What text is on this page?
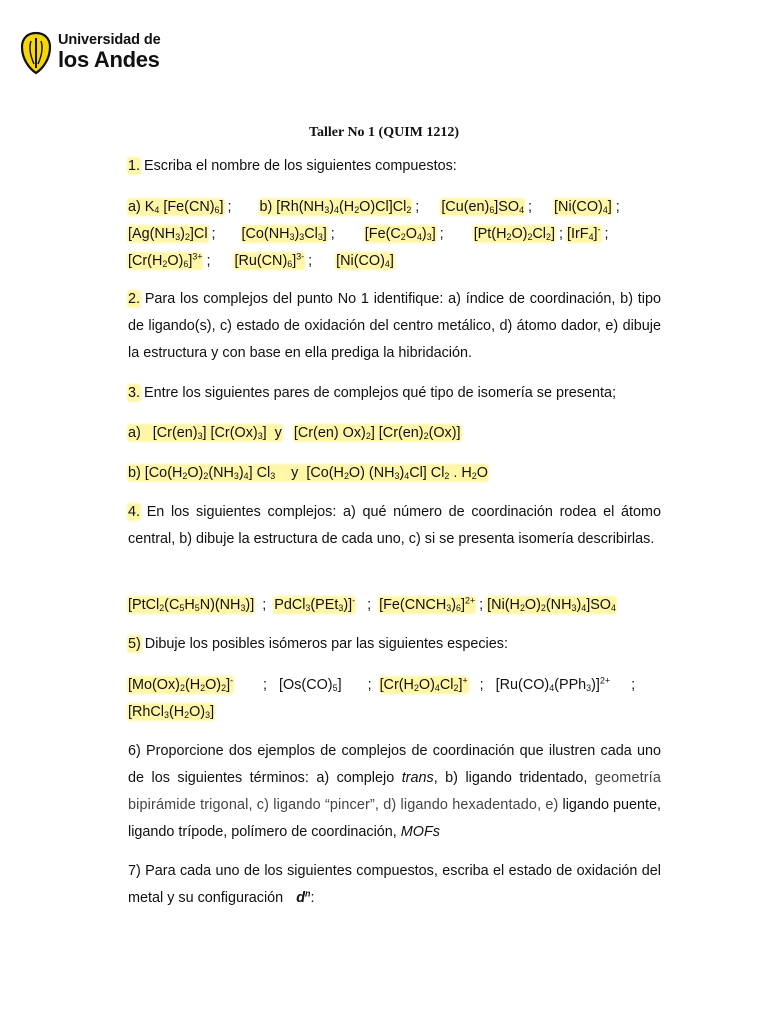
Universidad de
los Andes
Taller No 1 (QUIM 1212)
1. Escriba el nombre de los siguientes compuestos:
a) $K_4$ $[Fe(CN)_6]$ ; b) $[Rh(NH_3)_4(H_2O)Cl]Cl_2$ ; $[Cu(en)_6]SO_4$ ; $[Ni(CO)_4]$ ;
$[Ag(NH_3)_2]Cl$ ; $[Co(NH_3)_3Cl_3]$ ; $[Fe(C_2O_4)_3]$ ; $[Pt(H_2O)_2Cl_2]$ ; [IrF$_4$]- ;
$[Cr(H_2O)_6]^{3+}$ ; $[Ru(CN)_6]^{3-}$ ; $[Ni(CO)_4]$
2. Para los complejos del punto No 1 identifique: a) índice de coordinación, b) tipo de ligando(s), c) estado de oxidación del centro metálico, d) átomo dador, e) dibuje la estructura y con base en ella prediga la hibridación.
3. Entre los siguientes pares de complejos qué tipo de isomería se presenta;
a)   $[Cr(en)_3]$ $[Cr(Ox)_3]$  y [Cr(en) $Ox)_2$] $[Cr(en)_2(Ox)]$
b) $[Co(H_2O)_2(NH_3)_4]$ $Cl_3$    y  [$Co(H_2O)$ $(NH_3)_4Cl$] $Cl_2$ . $H_2O$
4. En los siguientes complejos: a) qué número de coordinación rodea el átomo central, b) dibuje la estructura de cada uno, c) si se presenta isomería describirlas.
$[PtCl_2(C_5H_5N)(NH_3)]$  ;  PdCl$_3$(PEt$_3$)]-   ;  $[Fe(CNCH_3)_6]^{2+}$ ; $[Ni(H_2O)_2(NH_3)_4]SO_4$
5) Dibuje los posibles isómeros par las siguientes especies:
$[Mo(Ox)_2(H_2O)_2]^-$ ;   $[Os(CO)_5]$ ;  $[Cr(H_2O)_4Cl_2]^+$   ;   $[Ru(CO)_4(PPh_3)]^{2+}$ ;
$[RhCl_3(H_2O)_3]$
6) Proporcione dos ejemplos de complejos de coordinación que ilustren cada uno de los siguientes términos: a) complejo trans, b) ligando tridentado, geometría bipirámide trigonal, c) ligando “pincer”, d) ligando hexadentado, e) ligando puente, ligando trípode, polímero de coordinación, MOFs
7) Para cada uno de los siguientes compuestos, escriba el estado de oxidación del metal y su configuración $d^n$:
